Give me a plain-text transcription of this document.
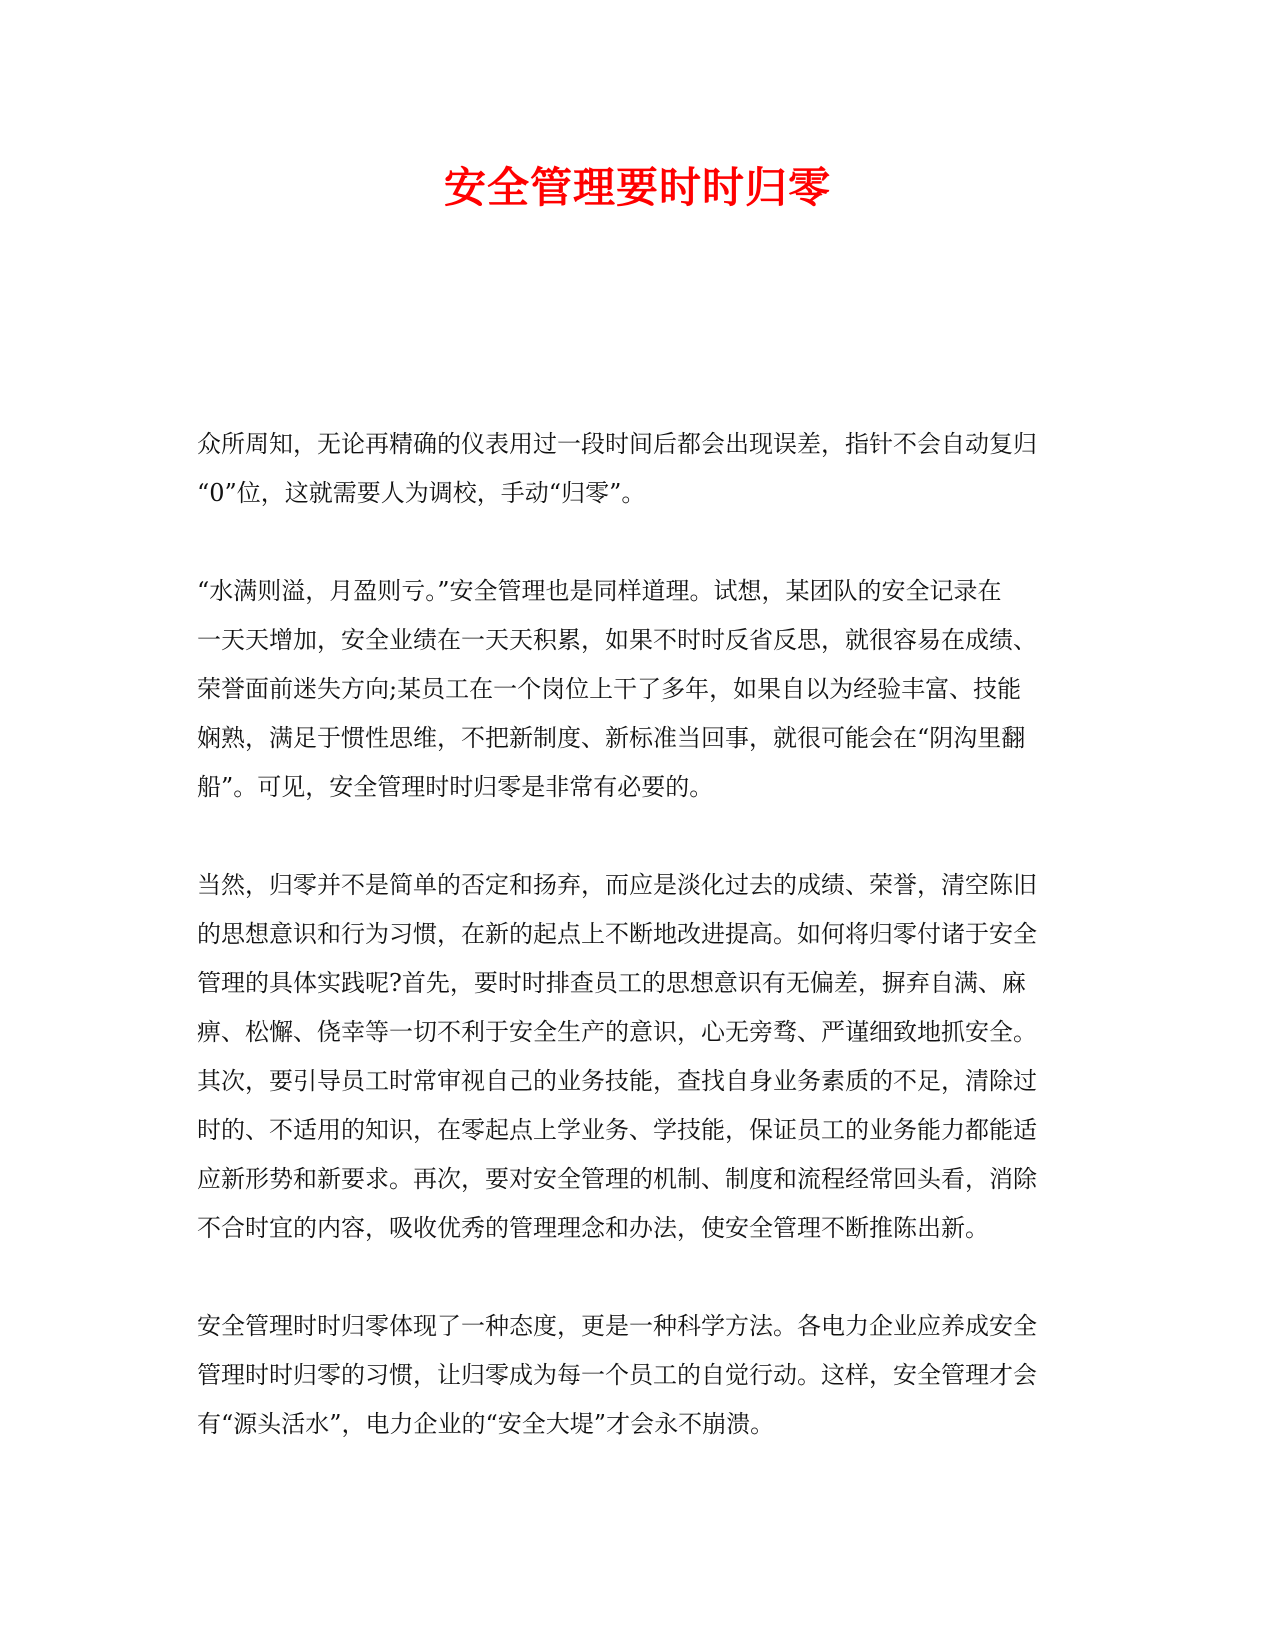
安全管理要时时归零

众所周知，无论再精确的仪表用过一段时间后都会出现误差，指针不会自动复归
“0”位，这就需要人为调校，手动“归零”。

“水满则溢，月盈则亏。”安全管理也是同样道理。试想，某团队的安全记录在
一天天增加，安全业绩在一天天积累，如果不时时反省反思，就很容易在成绩、
荣誉面前迷失方向;某员工在一个岗位上干了多年，如果自以为经验丰富、技能
娴熟，满足于惯性思维，不把新制度、新标准当回事，就很可能会在“阴沟里翻
船”。可见，安全管理时时归零是非常有必要的。

当然，归零并不是简单的否定和扬弃，而应是淡化过去的成绩、荣誉，清空陈旧
的思想意识和行为习惯，在新的起点上不断地改进提高。如何将归零付诸于安全
管理的具体实践呢?首先，要时时排查员工的思想意识有无偏差，摒弃自满、麻
痹、松懈、侥幸等一切不利于安全生产的意识，心无旁骛、严谨细致地抓安全。
其次，要引导员工时常审视自己的业务技能，查找自身业务素质的不足，清除过
时的、不适用的知识，在零起点上学业务、学技能，保证员工的业务能力都能适
应新形势和新要求。再次，要对安全管理的机制、制度和流程经常回头看，消除
不合时宜的内容，吸收优秀的管理理念和办法，使安全管理不断推陈出新。

安全管理时时归零体现了一种态度，更是一种科学方法。各电力企业应养成安全
管理时时归零的习惯，让归零成为每一个员工的自觉行动。这样，安全管理才会
有“源头活水”，电力企业的“安全大堤”才会永不崩溃。
